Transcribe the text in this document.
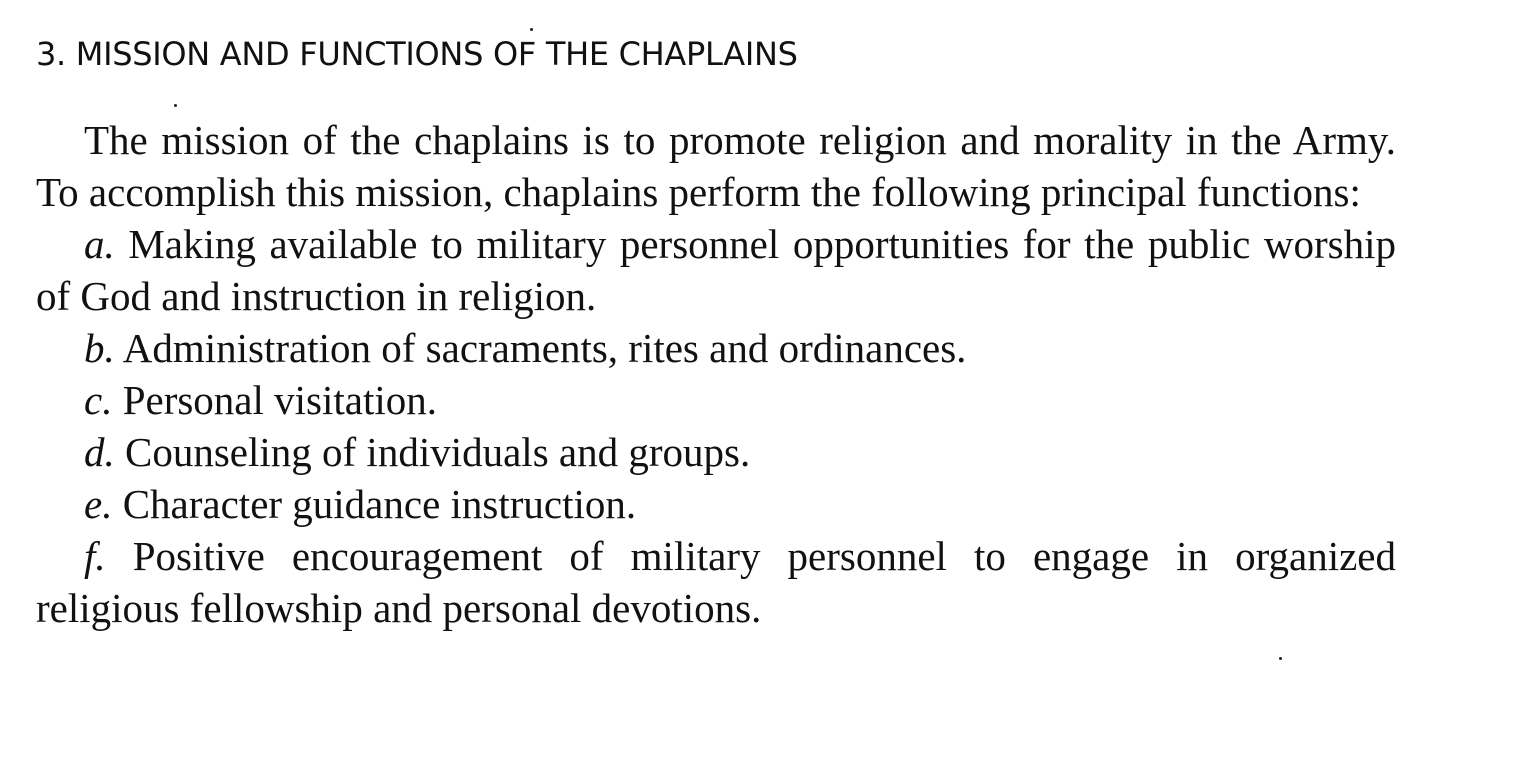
3. MISSION AND FUNCTIONS OF THE CHAPLAINS

The mission of the chaplains is to promote religion and morality in the Army. To accomplish this mission, chaplains perform the following principal functions:

a. Making available to military personnel opportunities for the public worship of God and instruction in religion.

b. Administration of sacraments, rites and ordinances.

c. Personal visitation.

d. Counseling of individuals and groups.

e. Character guidance instruction.

f. Positive encouragement of military personnel to engage in organized religious fellowship and personal devotions.
